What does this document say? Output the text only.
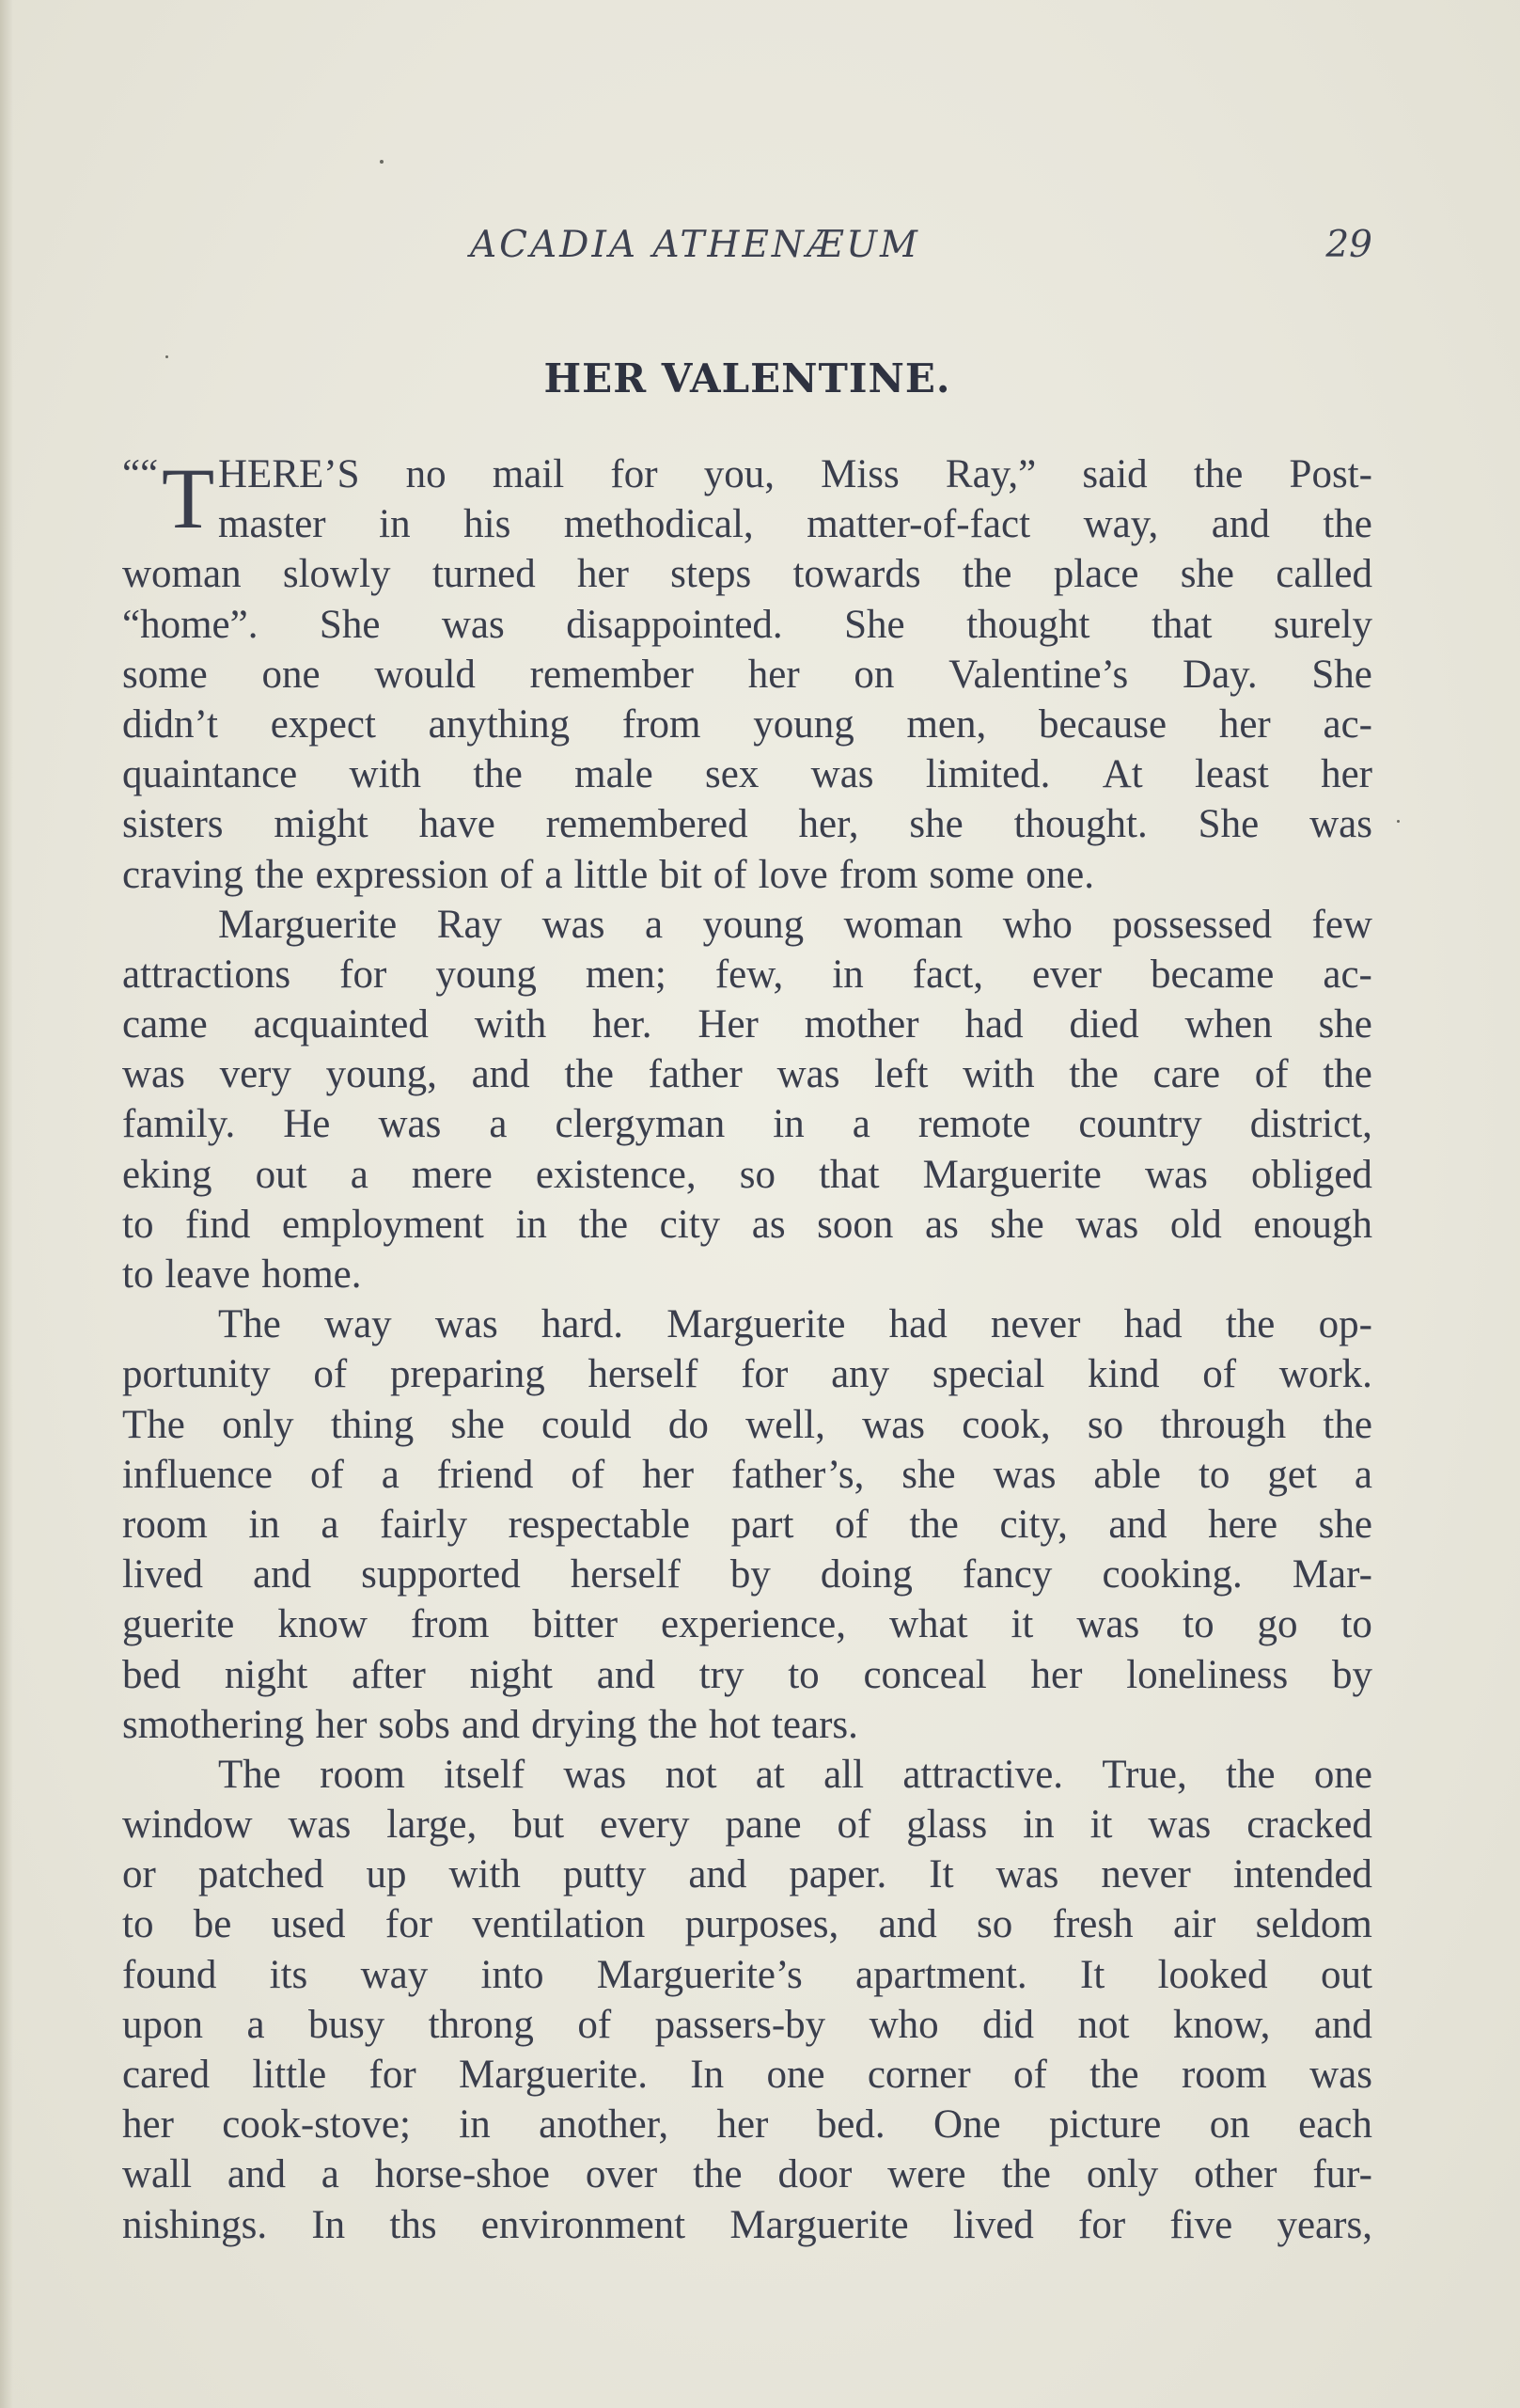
ACADIA ATHENÆUM	29
HER VALENTINE.
““ T HERE’S no mail for you, Miss Ray,” said the Post-
master in his methodical, matter-of-fact way, and the
woman slowly turned her steps towards the place she called
“home”. She was disappointed. She thought that surely
some one would remember her on Valentine’s Day. She
didn’t expect anything from young men, because her ac-
quaintance with the male sex was limited. At least her
sisters might have remembered her, she thought. She was
craving the expression of a little bit of love from some one.
Marguerite Ray was a young woman who possessed few
attractions for young men; few, in fact, ever became ac-
came acquainted with her. Her mother had died when she
was very young, and the father was left with the care of the
family. He was a clergyman in a remote country district,
eking out a mere existence, so that Marguerite was obliged
to find employment in the city as soon as she was old enough
to leave home.
The way was hard. Marguerite had never had the op-
portunity of preparing herself for any special kind of work.
The only thing she could do well, was cook, so through the
influence of a friend of her father’s, she was able to get a
room in a fairly respectable part of the city, and here she
lived and supported herself by doing fancy cooking. Mar-
guerite know from bitter experience, what it was to go to
bed night after night and try to conceal her loneliness by
smothering her sobs and drying the hot tears.
The room itself was not at all attractive. True, the one
window was large, but every pane of glass in it was cracked
or patched up with putty and paper. It was never intended
to be used for ventilation purposes, and so fresh air seldom
found its way into Marguerite’s apartment. It looked out
upon a busy throng of passers-by who did not know, and
cared little for Marguerite. In one corner of the room was
her cook-stove; in another, her bed. One picture on each
wall and a horse-shoe over the door were the only other fur-
nishings. In ths environment Marguerite lived for five years,
